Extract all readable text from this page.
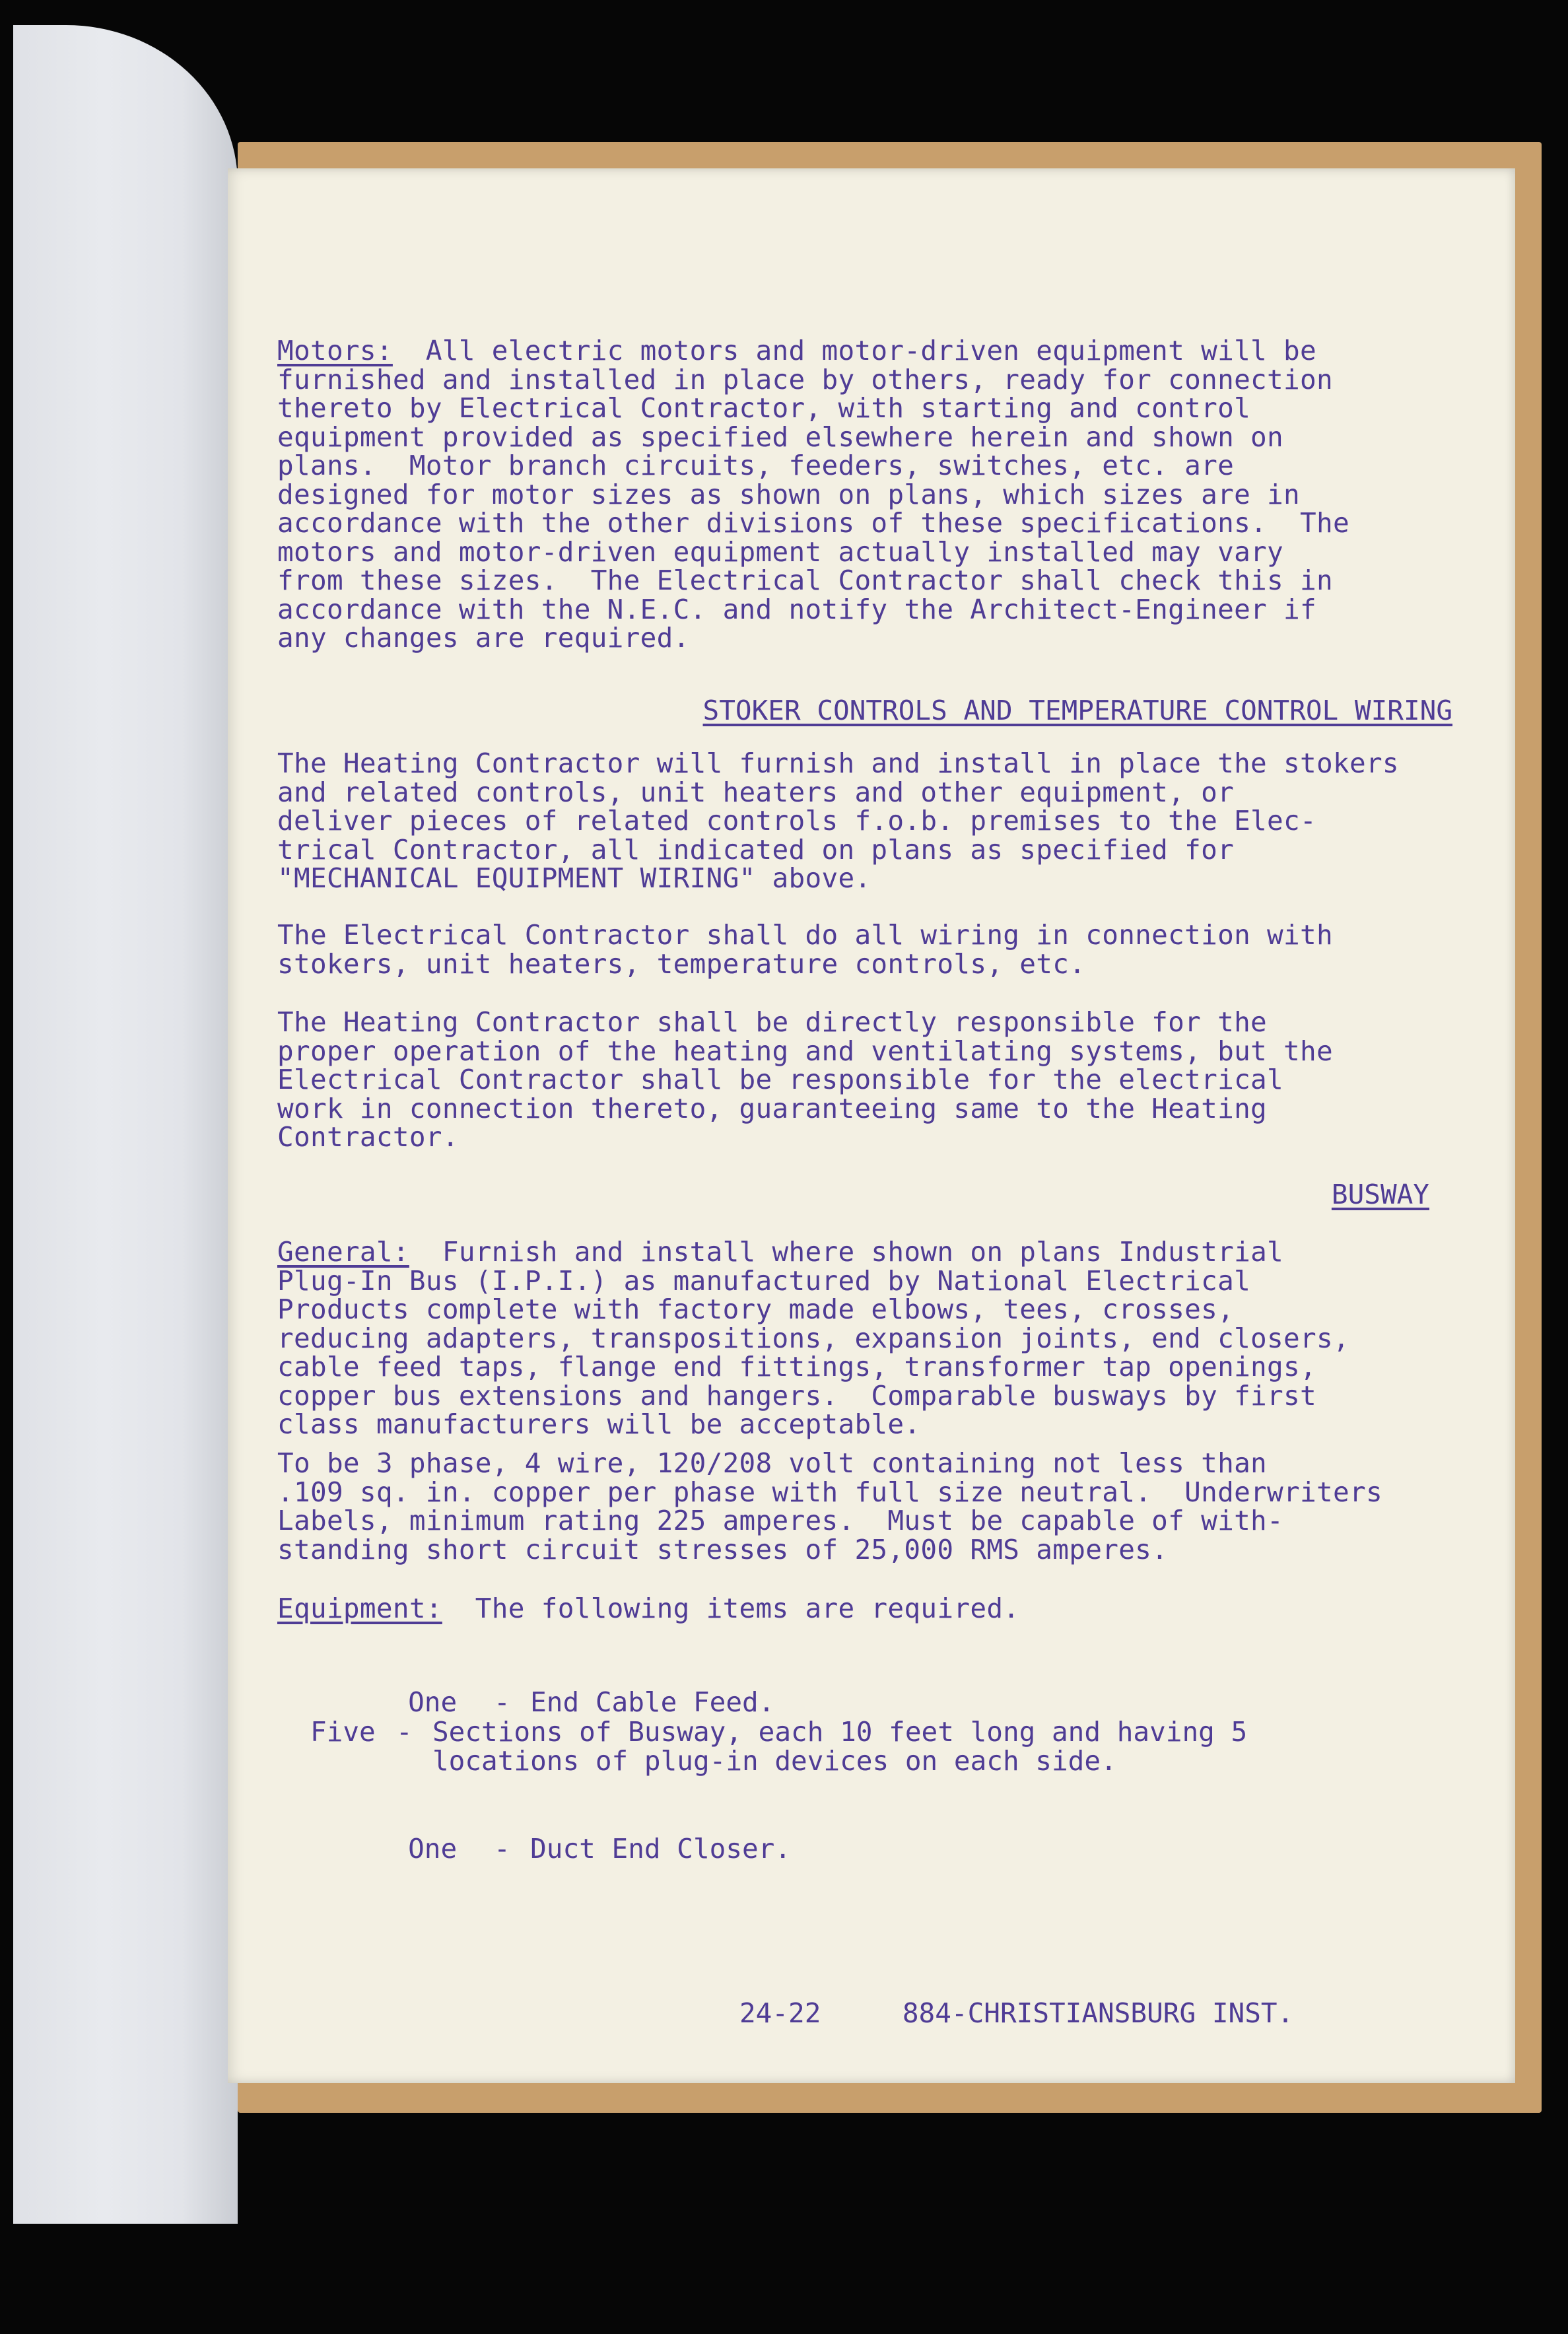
Motors:  All electric motors and motor-driven equipment will be
furnished and installed in place by others, ready for connection
thereto by Electrical Contractor, with starting and control
equipment provided as specified elsewhere herein and shown on
plans.  Motor branch circuits, feeders, switches, etc. are
designed for motor sizes as shown on plans, which sizes are in
accordance with the other divisions of these specifications.  The
motors and motor-driven equipment actually installed may vary
from these sizes.  The Electrical Contractor shall check this in
accordance with the N.E.C. and notify the Architect-Engineer if
any changes are required.

STOKER CONTROLS AND TEMPERATURE CONTROL WIRING

The Heating Contractor will furnish and install in place the stokers
and related controls, unit heaters and other equipment, or
deliver pieces of related controls f.o.b. premises to the Elec-
trical Contractor, all indicated on plans as specified for
"MECHANICAL EQUIPMENT WIRING" above.

The Electrical Contractor shall do all wiring in connection with
stokers, unit heaters, temperature controls, etc.

The Heating Contractor shall be directly responsible for the
proper operation of the heating and ventilating systems, but the
Electrical Contractor shall be responsible for the electrical
work in connection thereto, guaranteeing same to the Heating
Contractor.

BUSWAY

General:  Furnish and install where shown on plans Industrial
Plug-In Bus (I.P.I.) as manufactured by National Electrical
Products complete with factory made elbows, tees, crosses,
reducing adapters, transpositions, expansion joints, end closers,
cable feed taps, flange end fittings, transformer tap openings,
copper bus extensions and hangers.  Comparable busways by first
class manufacturers will be acceptable.

To be 3 phase, 4 wire, 120/208 volt containing not less than
.109 sq. in. copper per phase with full size neutral.  Underwriters
Labels, minimum rating 225 amperes.  Must be capable of with-
standing short circuit stresses of 25,000 RMS amperes.

Equipment:  The following items are required.

One - End Cable Feed.

Five - Sections of Busway, each 10 feet long and having 5
locations of plug-in devices on each side.

One - Duct End Closer.

24-22	884-CHRISTIANSBURG INST.
